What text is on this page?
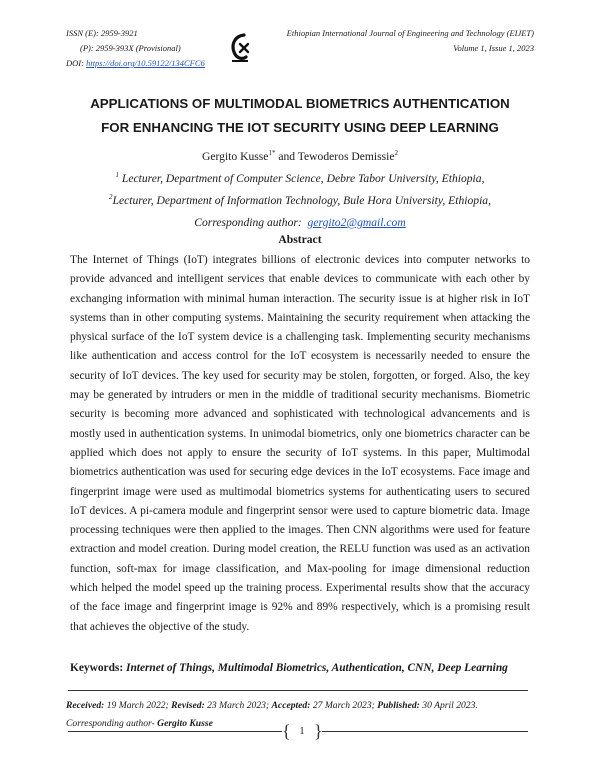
ISSN (E): 2959-3921
(P): 2959-393X (Provisional)
DOI: https://doi.org/10.59122/134CFC6
Ethiopian International Journal of Engineering and Technology (EIJET)
Volume 1, Issue 1, 2023
APPLICATIONS OF MULTIMODAL BIOMETRICS AUTHENTICATION
FOR ENHANCING THE IOT SECURITY USING DEEP LEARNING
Gergito Kusse$^{1*}$ and Tewoderos Demissie$^2$
$^1$ Lecturer, Department of Computer Science, Debre Tabor University, Ethiopia,
$^2$Lecturer, Department of Information Technology, Bule Hora University, Ethiopia,
Corresponding author: gergito2@gmail.com
Abstract
The Internet of Things (IoT) integrates billions of electronic devices into computer networks to provide advanced and intelligent services that enable devices to communicate with each other by exchanging information with minimal human interaction. The security issue is at higher risk in IoT systems than in other computing systems. Maintaining the security requirement when attacking the physical surface of the IoT system device is a challenging task. Implementing security mechanisms like authentication and access control for the IoT ecosystem is necessarily needed to ensure the security of IoT devices. The key used for security may be stolen, forgotten, or forged. Also, the key may be generated by intruders or men in the middle of traditional security mechanisms. Biometric security is becoming more advanced and sophisticated with technological advancements and is mostly used in authentication systems. In unimodal biometrics, only one biometrics character can be applied which does not apply to ensure the security of IoT systems. In this paper, Multimodal biometrics authentication was used for securing edge devices in the IoT ecosystems. Face image and fingerprint image were used as multimodal biometrics systems for authenticating users to secured IoT devices. A pi-camera module and fingerprint sensor were used to capture biometric data. Image processing techniques were then applied to the images. Then CNN algorithms were used for feature extraction and model creation. During model creation, the RELU function was used as an activation function, soft-max for image classification, and Max-pooling for image dimensional reduction which helped the model speed up the training process. Experimental results show that the accuracy of the face image and fingerprint image is 92% and 89% respectively, which is a promising result that achieves the objective of the study.
Keywords: Internet of Things, Multimodal Biometrics, Authentication, CNN, Deep Learning
Received: 19 March 2022; Revised: 23 March 2023; Accepted: 27 March 2023; Published: 30 April 2023.
Corresponding author- Gergito Kusse	{ 1 }
